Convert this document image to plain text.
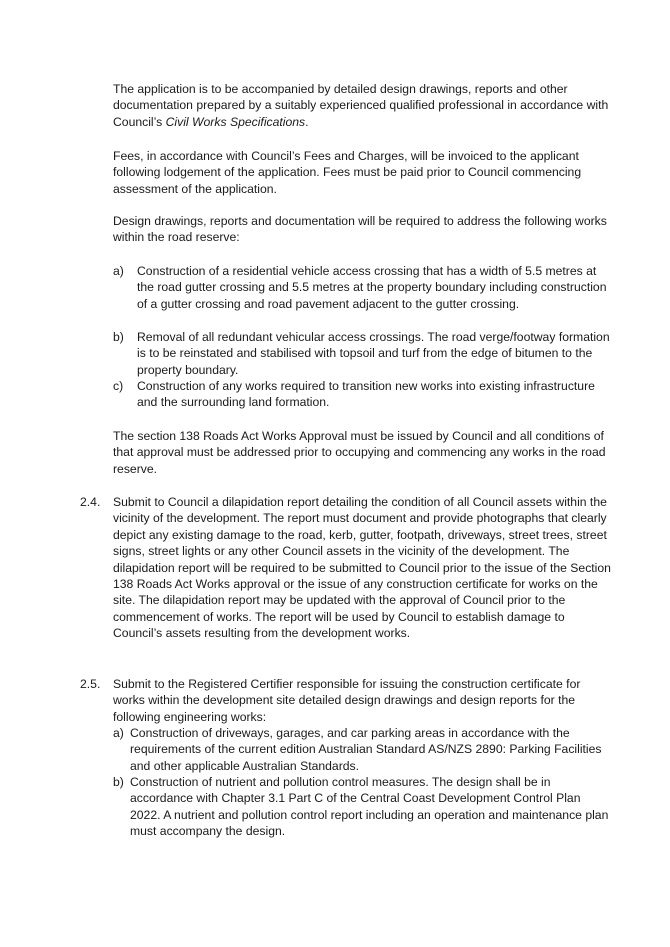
The application is to be accompanied by detailed design drawings, reports and other documentation prepared by a suitably experienced qualified professional in accordance with Council’s Civil Works Specifications.

Fees, in accordance with Council’s Fees and Charges, will be invoiced to the applicant following lodgement of the application. Fees must be paid prior to Council commencing assessment of the application.

Design drawings, reports and documentation will be required to address the following works within the road reserve:

a) Construction of a residential vehicle access crossing that has a width of 5.5 metres at the road gutter crossing and 5.5 metres at the property boundary including construction of a gutter crossing and road pavement adjacent to the gutter crossing.
b) Removal of all redundant vehicular access crossings. The road verge/footway formation is to be reinstated and stabilised with topsoil and turf from the edge of bitumen to the property boundary.
c) Construction of any works required to transition new works into existing infrastructure and the surrounding land formation.

The section 138 Roads Act Works Approval must be issued by Council and all conditions of that approval must be addressed prior to occupying and commencing any works in the road reserve.

2.4. Submit to Council a dilapidation report detailing the condition of all Council assets within the vicinity of the development. The report must document and provide photographs that clearly depict any existing damage to the road, kerb, gutter, footpath, driveways, street trees, street signs, street lights or any other Council assets in the vicinity of the development. The dilapidation report will be required to be submitted to Council prior to the issue of the Section 138 Roads Act Works approval or the issue of any construction certificate for works on the site. The dilapidation report may be updated with the approval of Council prior to the commencement of works. The report will be used by Council to establish damage to Council’s assets resulting from the development works.
2.5. Submit to the Registered Certifier responsible for issuing the construction certificate for works within the development site detailed design drawings and design reports for the following engineering works:
a) Construction of driveways, garages, and car parking areas in accordance with the requirements of the current edition Australian Standard AS/NZS 2890: Parking Facilities and other applicable Australian Standards.
b) Construction of nutrient and pollution control measures. The design shall be in accordance with Chapter 3.1 Part C of the Central Coast Development Control Plan 2022. A nutrient and pollution control report including an operation and maintenance plan must accompany the design.
